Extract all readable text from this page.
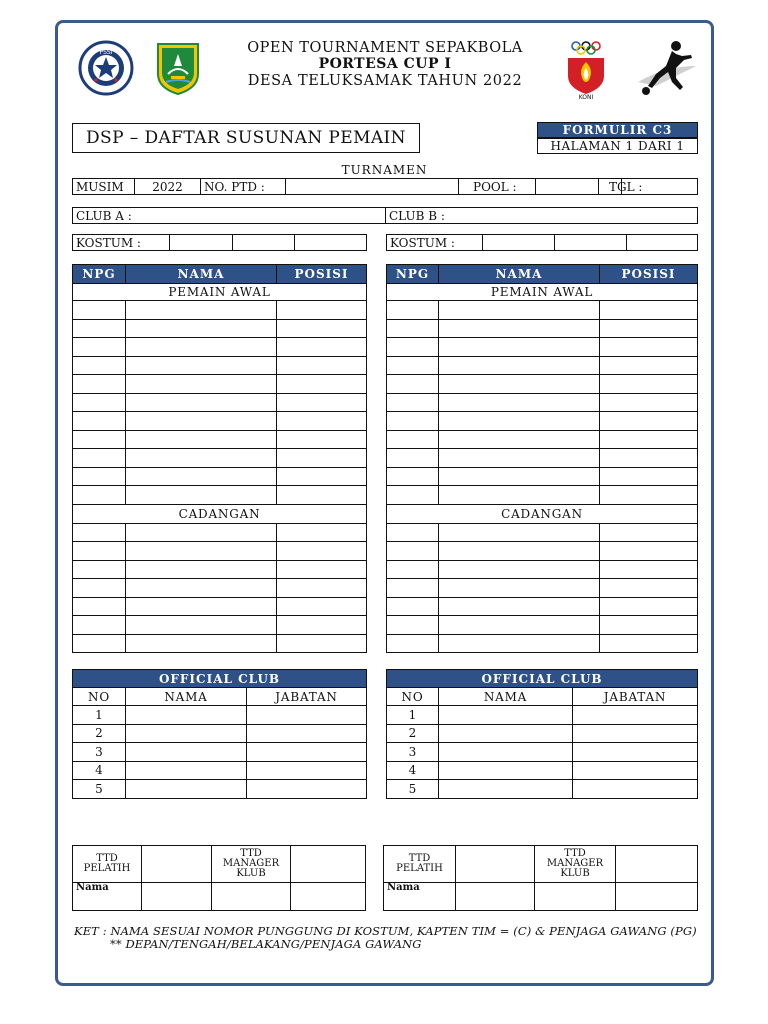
PSSI
KONI
OPEN TOURNAMENT SEPAKBOLA
PORTESA CUP I
DESA TELUKSAMAK TAHUN 2022
DSP – DAFTAR SUSUNAN PEMAIN	FORMULIR C3
HALAMAN 1 DARI 1
TURNAMEN
MUSIM	2022	NO. PTD :		POOL :		TGL :	
CLUB A :	CLUB B :
KOSTUM :				KOSTUM :			
NPG	NAMA	POSISI
PEMAIN AWAL		

CADANGAN		

NPG	NAMA	POSISI
PEMAIN AWAL		

CADANGAN		

OFFICIAL CLUB		
NO	NAMA	JABATAN
1		
2		
3		
4		
5		
OFFICIAL CLUB		
NO	NAMA	JABATAN
1		
2		
3		
4		
5		
TTD PELATIH		TTD MANAGER KLUB	
Nama			
TTD PELATIH		TTD MANAGER KLUB	
Nama			
KET : NAMA SESUAI NOMOR PUNGGUNG DI KOSTUM, KAPTEN TIM = (C) & PENJAGA GAWANG (PG)
** DEPAN/TENGAH/BELAKANG/PENJAGA GAWANG
